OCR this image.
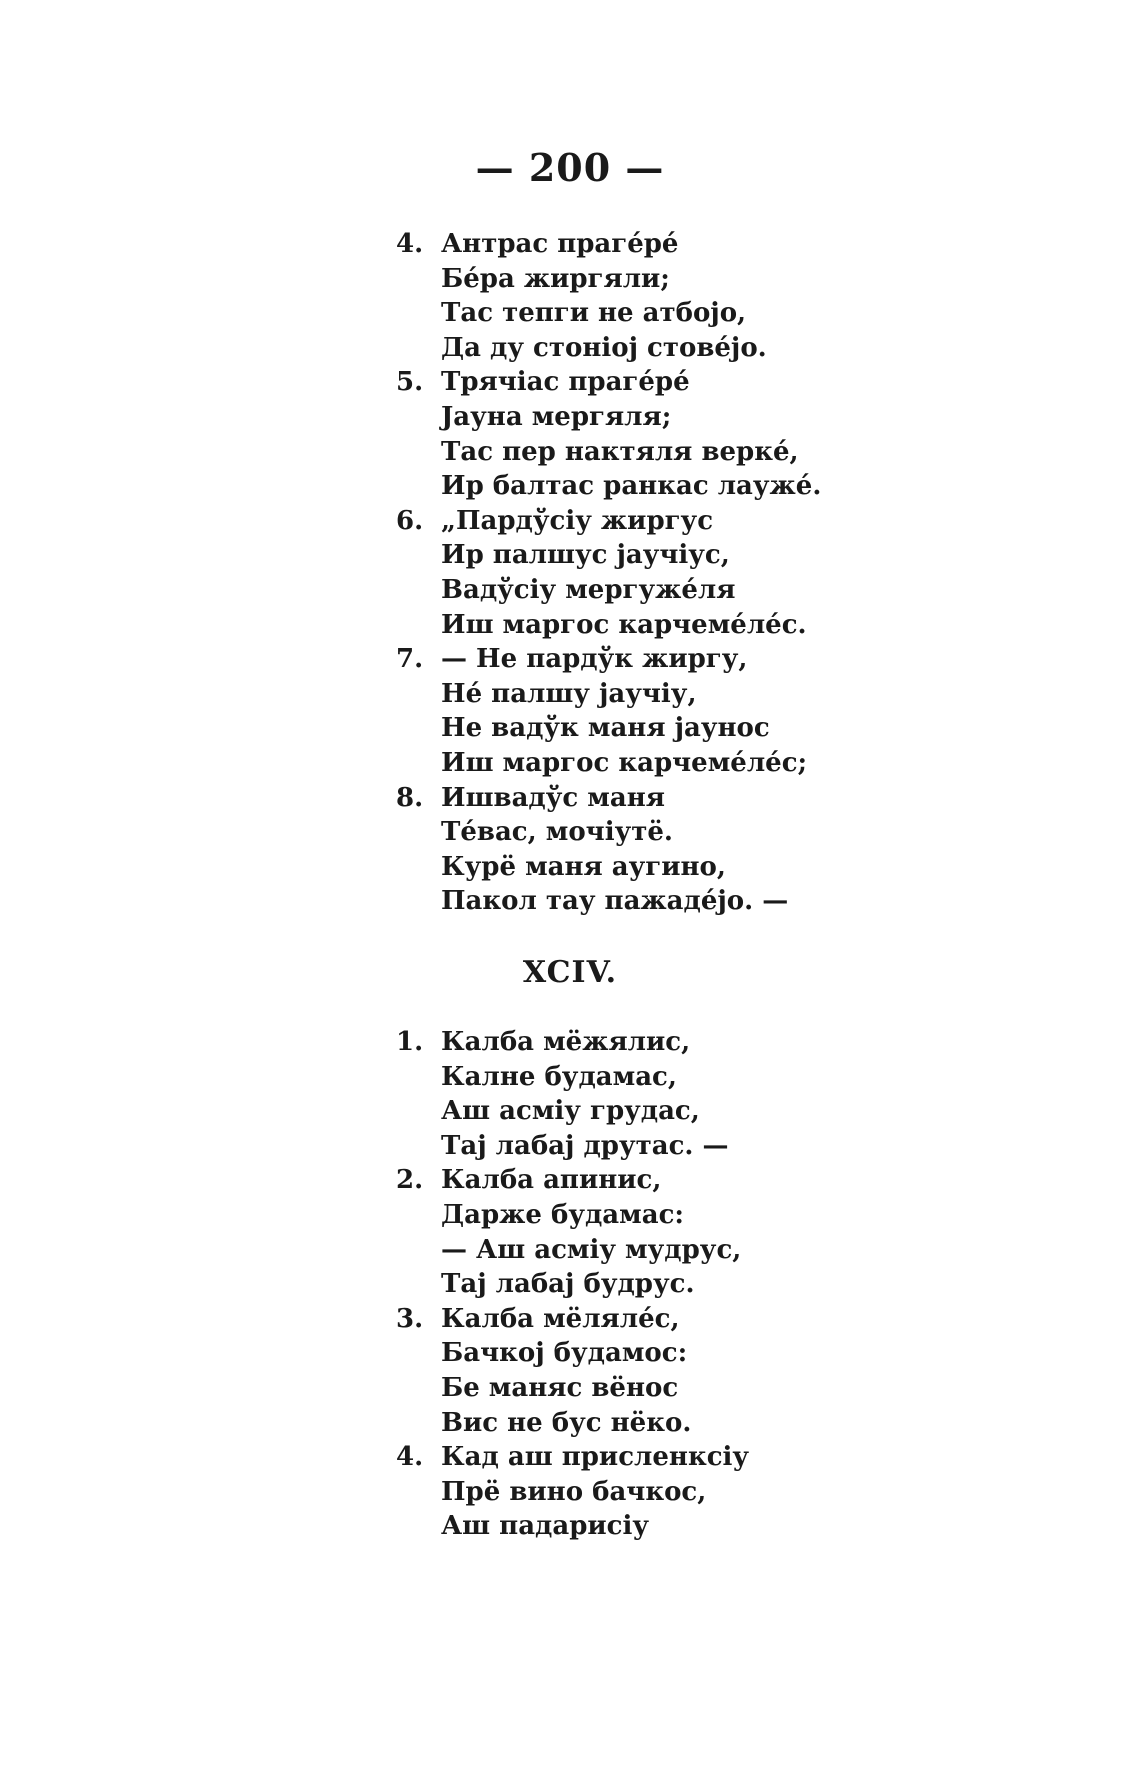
— 200 —
4. Антрас прагéрé
Бéра жиргяли;
Тас тепги не атбојо,
Да ду стоніој стовéјо.
5. Трячіас прагéрé
Јауна мергяля;
Тас пер нактяля веркé,
Ир балтас ранкас лаужé.
6. „Пардўсіу жиргус
Ир палшус јаучіус,
Вадўсіу мергужéля
Иш маргос карчемéлéс.
7. — Не пардўк жиргу,
Нé палшу јаучіу,
Не вадўк маня јаунос
Иш маргос карчемéлéс;
8. Ишвадўс маня
Тéвас, мочіутë.
Курë маня аугино,
Пакол тау пажадéјо. —
XCIV.
1. Калба мëжялис,
Калне будамас,
Аш асміу грудас,
Тај лабај друтас. —
2. Калба апинис,
Дарже будамас:
— Аш асміу мудрус,
Тај лабај будрус.
3. Калба мëлялéс,
Бачкој будамос:
Бе маняс вëнос
Вис не бус нëко.
4. Кад аш присленксіу
Прë вино бачкос,
Аш падарисіу
